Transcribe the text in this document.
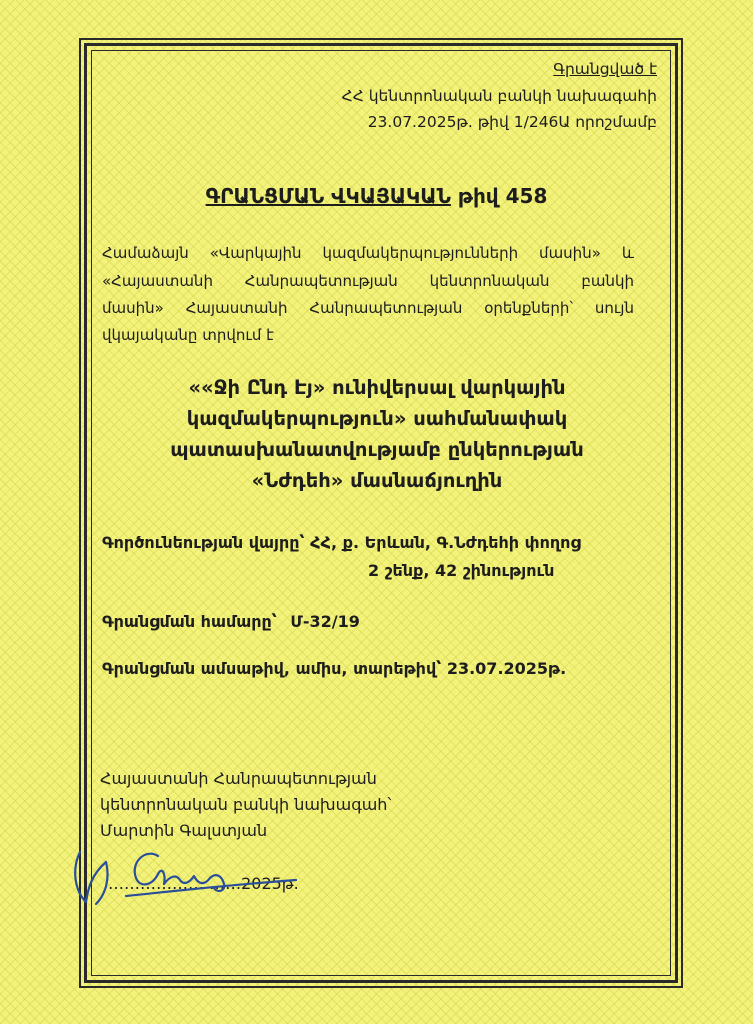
Գրանցված է
ՀՀ կենտրոնական բանկի նախագահի
23.07.2025թ. թիվ 1/246Ա որոշմամբ
ԳՐԱՆՑՄԱՆ ՎԿԱՅԱԿԱՆ թիվ 458
Համաձայն «Վարկային կազմակերպությունների մասին» և
«Հայաստանի Հանրապետության կենտրոնական բանկի
մասին» Հայաստանի Հանրապետության օրենքների՝ սույն
վկայականը տրվում է
««Ջի Ընդ Էյ» ունիվերսալ վարկային
կազմակերպություն» սահմանափակ
պատասխանատվությամբ ընկերության
«Նժդեհ» մասնաճյուղին
Գործունեության վայրը՝ ՀՀ, ք. Երևան, Գ.Նժդեհի փողոց
2 շենք, 42 շինություն
Գրանցման համարը՝ Մ-32/19
Գրանցման ամսաթիվ, ամիս, տարեթիվ՝ 23.07.2025թ.
Հայաստանի Հանրապետության
կենտրոնական բանկի նախագահ՝
Մարտին Գալստյան
……………… ……2025թ.
